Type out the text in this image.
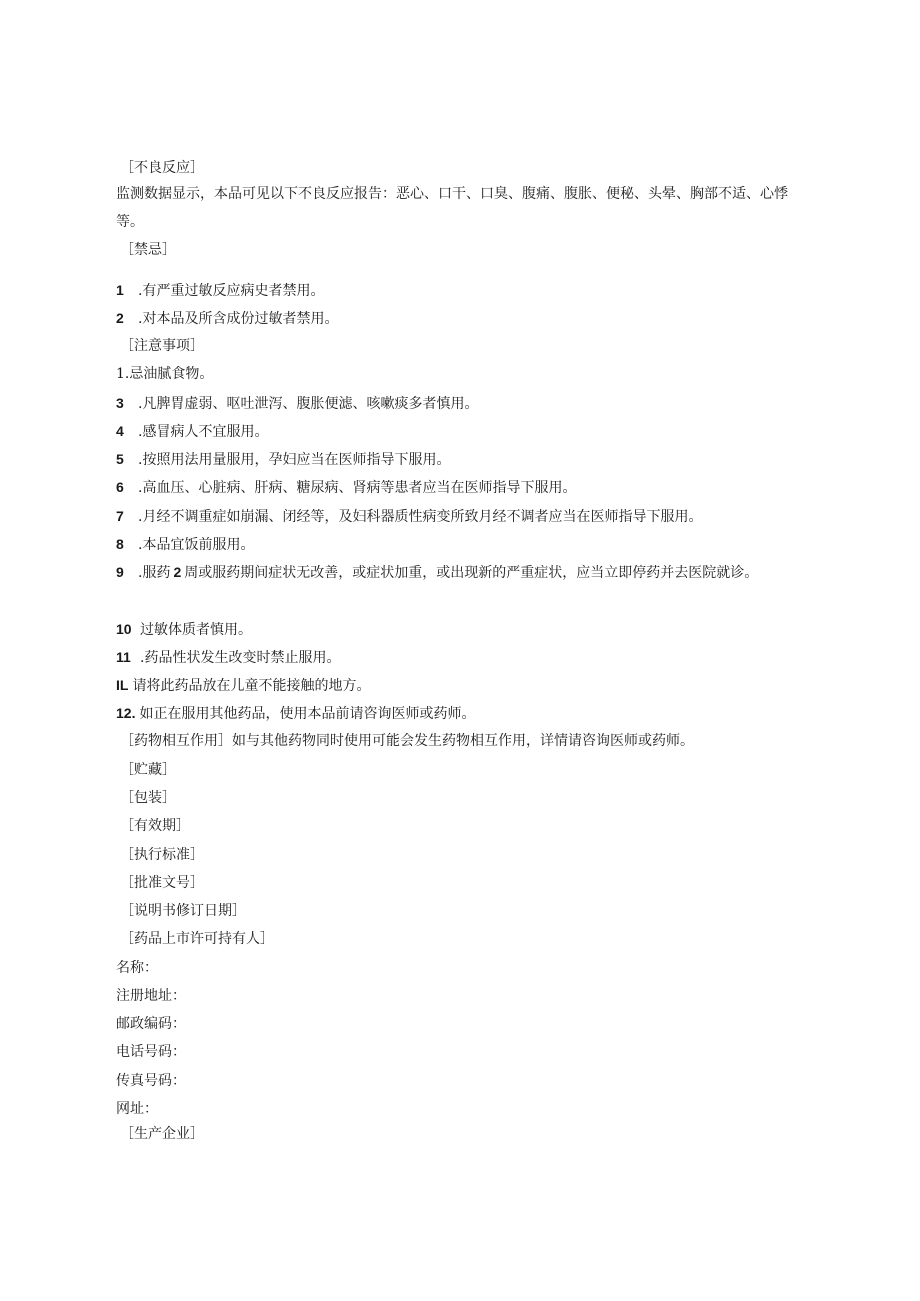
［不良反应］
监测数据显示，本品可见以下不良反应报告：恶心、口干、口臭、腹痛、腹胀、便秘、头晕、胸部不适、心悸等。
［禁忌］
1 .有严重过敏反应病史者禁用。
2 .对本品及所含成份过敏者禁用。
［注意事项］
1.忌油腻食物。
3 .凡脾胃虚弱、呕吐泄泻、腹胀便滤、咳嗽痰多者慎用。
4 .感冒病人不宜服用。
5 .按照用法用量服用，孕妇应当在医师指导下服用。
6 .高血压、心脏病、肝病、糖尿病、肾病等患者应当在医师指导下服用。
7 .月经不调重症如崩漏、闭经等，及妇科器质性病变所致月经不调者应当在医师指导下服用。
8 .本品宜饭前服用。
9 .服药 2 周或服药期间症状无改善，或症状加重，或出现新的严重症状，应当立即停药并去医院就诊。
10 过敏体质者慎用。
11 .药品性状发生改变时禁止服用。
IL 请将此药品放在儿童不能接触的地方。
12. 如正在服用其他药品，使用本品前请咨询医师或药师。
［药物相互作用］如与其他药物同时使用可能会发生药物相互作用，详情请咨询医师或药师。
［贮藏］
［包装］
［有效期］
［执行标准］
［批准文号］
［说明书修订日期］
［药品上市许可持有人］
名称：
注册地址：
邮政编码：
电话号码：
传真号码：
网址：
［生产企业］
